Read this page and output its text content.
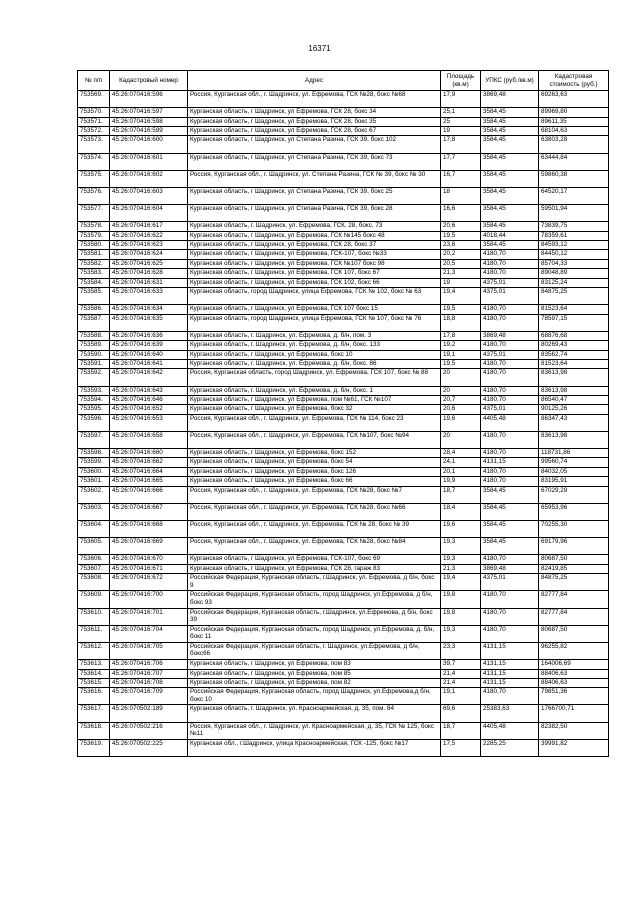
16371
№ п/п	Кадастровый номер	Адрес	Площадь (кв.м)	УПКС (руб./кв.м)	Кадастровая стоимость (руб.)
753569.	45:26:070416:596	Россия, Курганская обл., г. Шадринск, ул. Ефремова, ГСК №28, бокс №68	17,9	3869,48	69263,63
753570.	45:26:070416:597	Курганская область, г Шадринск, ул Ефремова, ГСК 28, бокс 34	25,1	3584,45	89969,80
753571.	45:26:070416:598	Курганская область, г Шадринск, ул Ефремова, ГСК 28, бокс 35	25	3584,45	89611,35
753572.	45:26:070416:599	Курганская область, г Шадринск, ул Ефремова, ГСК 28, бокс 67	19	3584,45	68104,63
753573.	45:26:070416:600	Курганская область, г Шадринск, ул Степана Разина, ГСК 39, бокс 102	17,8	3584,45	63803,28
753574.	45:26:070416:601	Курганская область, г Шадринск, ул Степана Разина, ГСК 39, бокс 73	17,7	3584,45	63444,84
753575.	45:26:070416:602	Россия, Курганская обл., г. Шадринск, ул. Степана Разина, ГСК № 39, бокс № 30	16,7	3584,45	59860,38
753576.	45:26:070416:603	Курганская область, г Шадринск, ул Степана Разина, ГСК 39, бокс 25	18	3584,45	64520,17
753577.	45:26:070416:604	Курганская область, г Шадринск, ул Степана Разина, ГСК 39, бокс 28	16,6	3584,45	59501,94
753578.	45:26:070416:617	Курганская область, г. Шадринск, ул. Ефремова, ГСК. 28, бокс. 73	20,6	3584,45	73839,75
753579.	45:26:070416:622	Курганская область, г Шадринск, ул Ефремова, ГСК №145 бокс 48	19,5	4018,44	78359,61
753580.	45:26:070416:623	Курганская область, г Шадринск, ул Ефремова, ГСК 28, бокс 37	23,6	3584,45	84593,12
753581.	45:26:070416:624	Курганская область, г Шадринск, ул Ефремова, ГСК-107, бокс №33	20,2	4180,70	84450,12
753582.	45:26:070416:625	Курганская область, г Шадринск, ул Ефремова, ГСК №107 бокс 98	20,5	4180,70	85704,33
753583.	45:26:070416:628	Курганская область, г Шадринск, ул Ефремова, ГСК 107, бокс 67	21,3	4180,70	89048,89
753584.	45:26:070416:631	Курганская область, г Шадринск, ул Ефремова, ГСК 102, бокс 66	19	4375,01	83125,24
753585.	45:26:070416:633	Курганская область, город Шадринск, улица Ефремова, ГСК № 102, бокс № 63	19,4	4375,01	84875,25
753586.	45:26:070416:634	Курганская область, г Шадринск, ул Ефремова, ГСК 107 бокс 15	19,5	4180,70	81523,64
753587.	45:26:070416:635	Курганская область, город Шадринск, улица Ефремова, ГСК № 107, бокс № 76	18,8	4180,70	78597,15
753588.	45:26:070416:636	Курганская область, г. Шадринск, ул. Ефремова, д. б/н, пом. 3	17,8	3869,48	68876,68
753589.	45:26:070416:639	Курганская область, г. Шадринск, ул. Ефремова, д. б/н, бокс. 133	19,2	4180,70	80269,43
753590.	45:26:070416:640	Курганская область, г Шадринск, ул Ефремова, бокс 10	19,1	4375,01	83562,74
753591.	45:26:070416:641	Курганская область, г. Шадринск, ул. Ефремова, д. б/н, бокс. 86	19,5	4180,70	81523,64
753592.	45:26:070416:642	Россия, Курганская область, город Шадринск, ул. Ефремова, ГСК 107, бокс № 88	20	4180,70	83613,98
753593.	45:26:070416:643	Курганская область, г. Шадринск, ул. Ефремова, д. б/н, бокс. 1	20	4180,70	83613,98
753594.	45:26:070416:646	Курганская область, г Шадринск, ул Ефремова, пом №61, ГСК №107	20,7	4180,70	86540,47
753595.	45:26:070416:652	Курганская область, г Шадринск, ул Ефремова, бокс 32	20,6	4375,01	90125,26
753596.	45:26:070416:653	Россия, Курганская обл., г. Шадринск, ул. Ефремова, ГСК № 114, бокс 23	19,6	4405,48	86347,43
753597.	45:26:070416:658	Россия, Курганская обл., г. Шадринск, ул. Ефремова, ГСК №107, бокс №94	20	4180,70	83613,98
753598.	45:26:070416:660	Курганская область, г Шадринск, ул Ефремова, бокс 152	28,4	4180,70	118731,86
753599.	45:26:070416:662	Курганская область, г Шадринск, ул Ефремова, бокс 54	24,1	4131,15	99560,74
753600.	45:26:070416:664	Курганская область, г Шадринск, ул Ефремова, бокс 126	20,1	4180,70	84032,05
753601.	45:26:070416:665	Курганская область, г Шадринск, ул Ефремова, бокс 66	19,9	4180,70	83195,91
753602.	45:26:070416:666	Россия, Курганская обл., г. Шадринск, ул. Ефремова, ГСК №28, бокс №7	18,7	3584,45	67029,29
753603.	45:26:070416:667	Россия, Курганская обл., г. Шадринск, ул. Ефремова, ГСК №28, бокс №66	18,4	3584,45	65953,96
753604.	45:26:070416:668	Россия, Курганская обл., г. Шадринск, ул. Ефремова, ГСК № 28, бокс № 39	19,6	3584,45	70255,30
753605.	45:26:070416:669	Россия, Курганская обл., г. Шадринск, ул. Ефремова, ГСК №28, бокс №84	19,3	3584,45	69179,96
753606.	45:26:070416:670	Курганская область, г Шадринск, ул Ефремова, ГСК-107, бокс 69	19,3	4180,70	80687,50
753607.	45:26:070416:671	Курганская область, г Шадринск, ул Ефремова, ГСК 28, гараж 83	21,3	3869,48	82419,85
753608.	45:26:070416:672	Российская Федерация, Курганская область, г.Шадринск, ул. Ефремова, д б/н, бокс 9	19,4	4375,01	84875,25
753609.	45:26:070416:700	Российская Федерация, Курганская область, город Шадринск, ул.Ефремова, д б/н, бокс 93	19,8	4180,70	82777,84
753610.	45:26:070416:701	Российская Федерация, Курганская область, г.Шадринск, ул.Ефремова, д б/н, бокс 39	19,8	4180,70	82777,84
753611.	45:26:070416:704	Российская Федерация, Курганская область, город Шадринск, ул.Ефремова, д. б/н, бокс 11	19,3	4180,70	80687,50
753612.	45:26:070416:705	Российская Федерация, Курганская область, г. Шадринск, ул.Ефремова, д б/н, бокс66	23,3	4131,15	96255,82
753613.	45:26:070416:706	Курганская область, г Шадринск, ул Ефремова, пом 83	39,7	4131,15	164006,69
753614.	45:26:070416:707	Курганская область, г Шадринск, ул Ефремова, пом 85	21,4	4131,15	88406,63
753615.	45:26:070416:708	Курганская область, г Шадринск, ул Ефремова, пом 82	21,4	4131,15	88406,63
753616.	45:26:070416:709	Российская Федерация, Курганская область, город Шадринск, ул.Ефремова,д б/н, бокс 10	19,1	4180,70	79851,36
753617.	45:26:070502:189	Курганская область, г. Шадринск, ул. Красноармейская, д. 35, пом. 84	69,6	25383,63	1766700,71
753618.	45:26:070502:216	Россия, Курганская обл., г. Шадринск, ул. Красноармейская, д. 35, ГСК № 125, бокс №11	18,7	4405,48	82382,50
753619.	45:26:070502:225	Курганская обл., г.Шадринск, улица Красноармейская, ГСК -125, бокс №17	17,5	2285,25	39991,82
